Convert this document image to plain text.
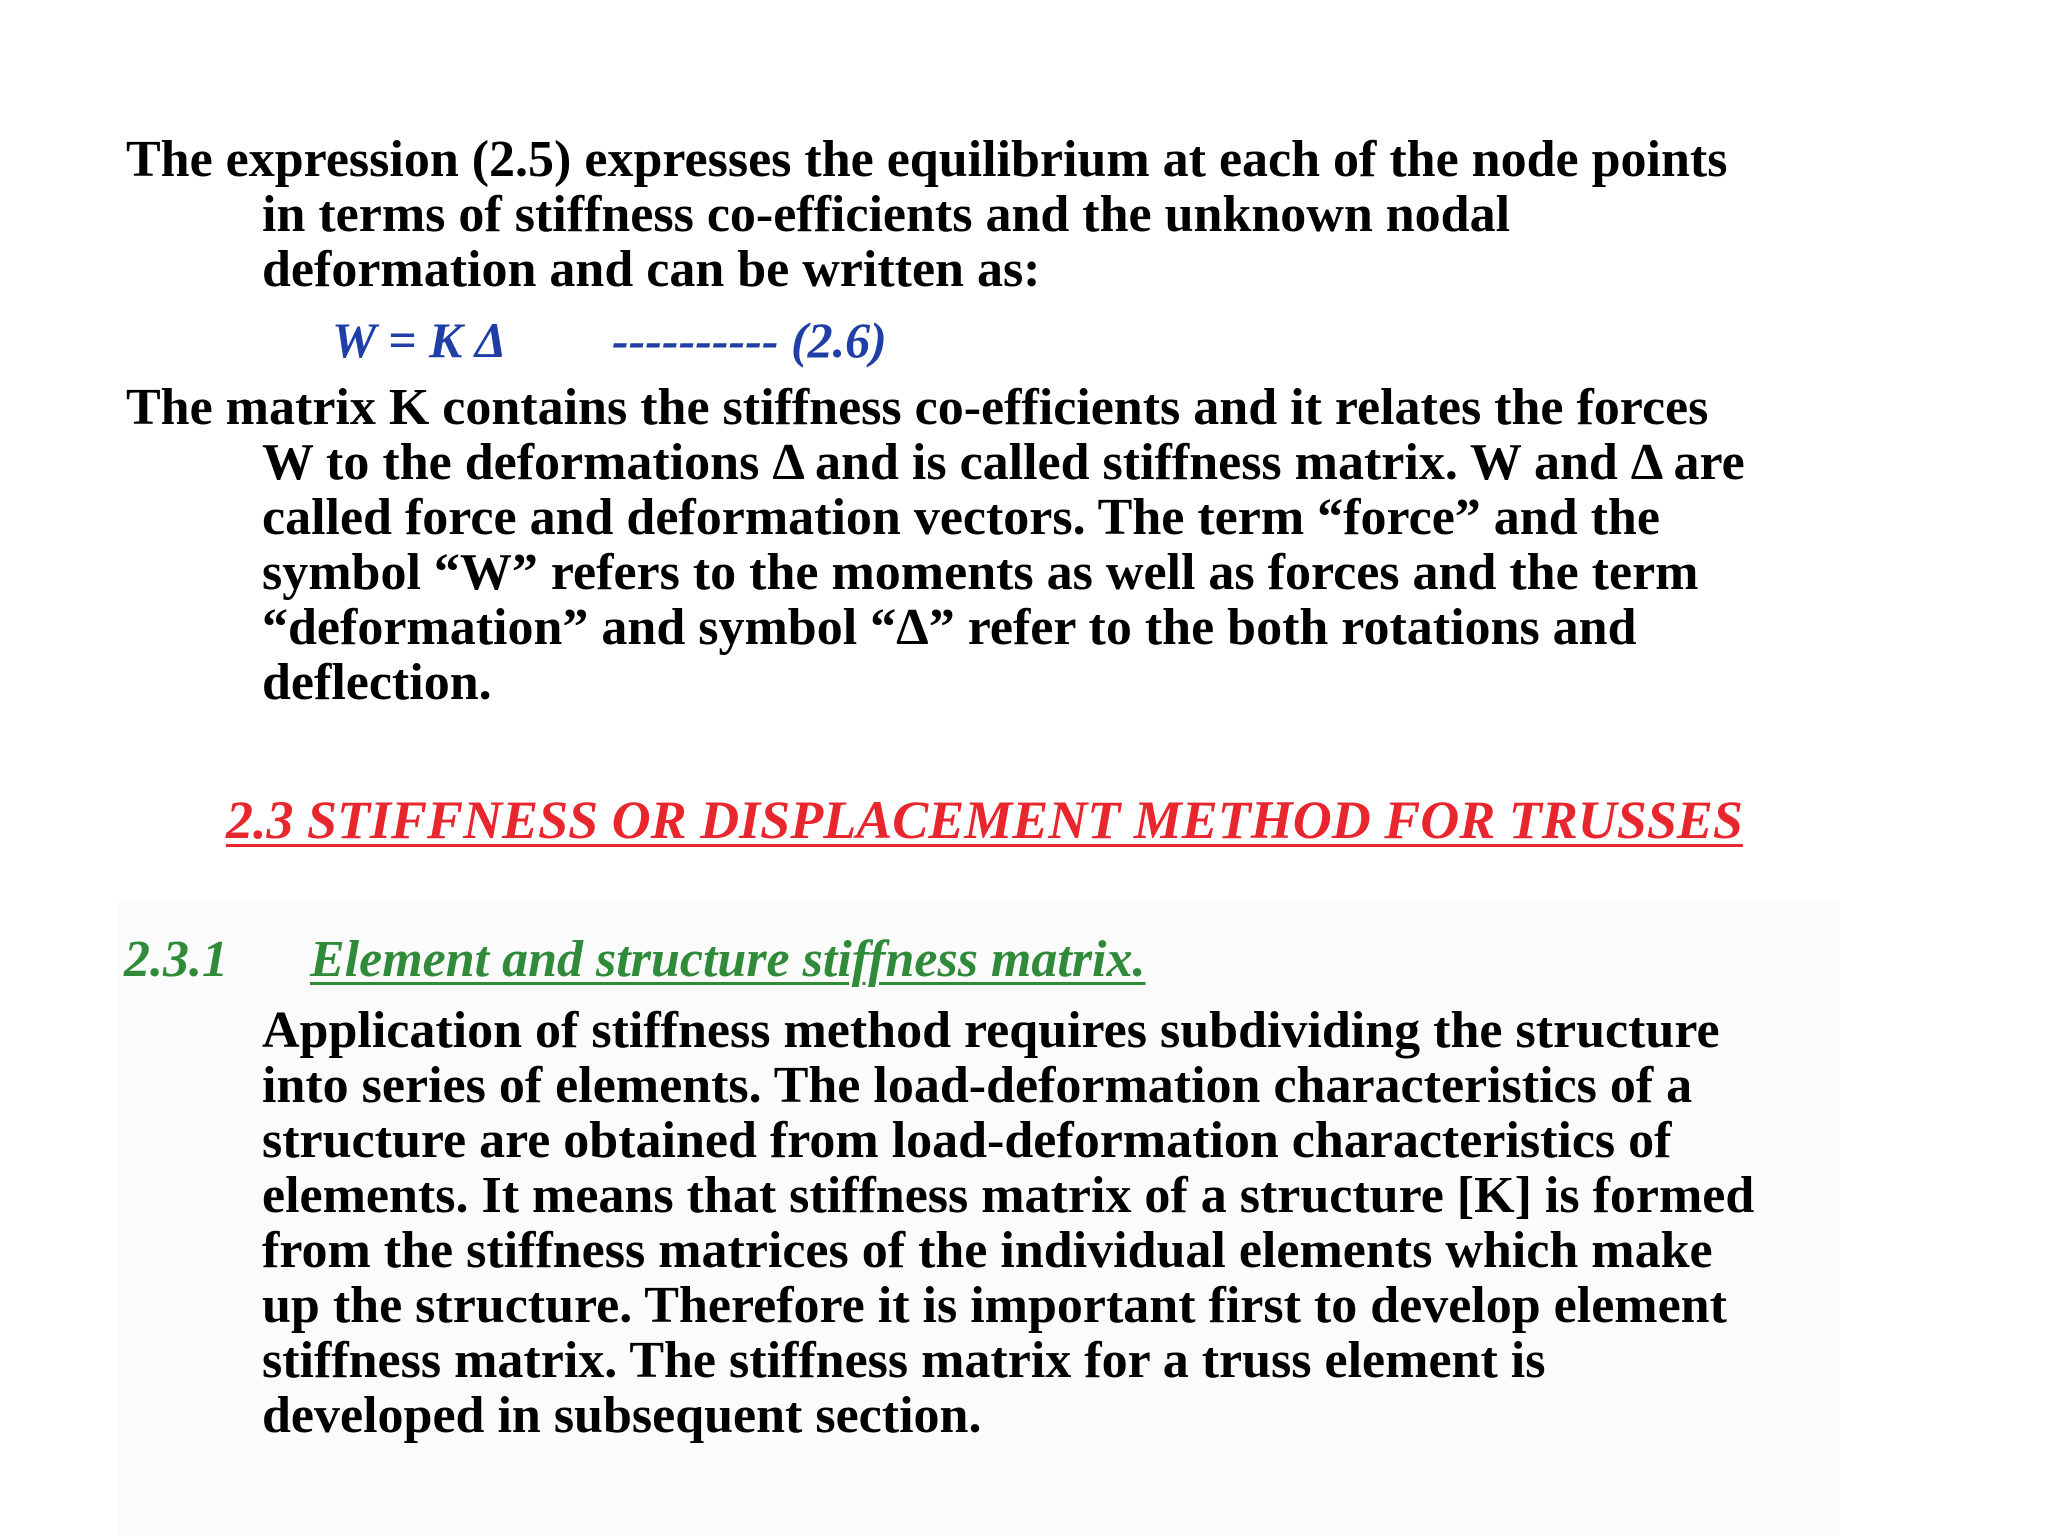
The expression (2.5) expresses the equilibrium at each of the node points
in terms of stiffness co-efficients and the unknown nodal
deformation and can be written as:
W = K Δ ---------- (2.6)
The matrix K contains the stiffness co-efficients and it relates the forces
W to the deformations Δ and is called stiffness matrix. W and Δ are
called force and deformation vectors. The term “force” and the
symbol “W” refers to the moments as well as forces and the term
“deformation” and symbol “Δ” refer to the both rotations and
deflection.
2.3 STIFFNESS OR DISPLACEMENT METHOD FOR TRUSSES
2.3.1 Element and structure stiffness matrix.
Application of stiffness method requires subdividing the structure
into series of elements. The load-deformation characteristics of a
structure are obtained from load-deformation characteristics of
elements. It means that stiffness matrix of a structure [K] is formed
from the stiffness matrices of the individual elements which make
up the structure. Therefore it is important first to develop element
stiffness matrix. The stiffness matrix for a truss element is
developed in subsequent section.
